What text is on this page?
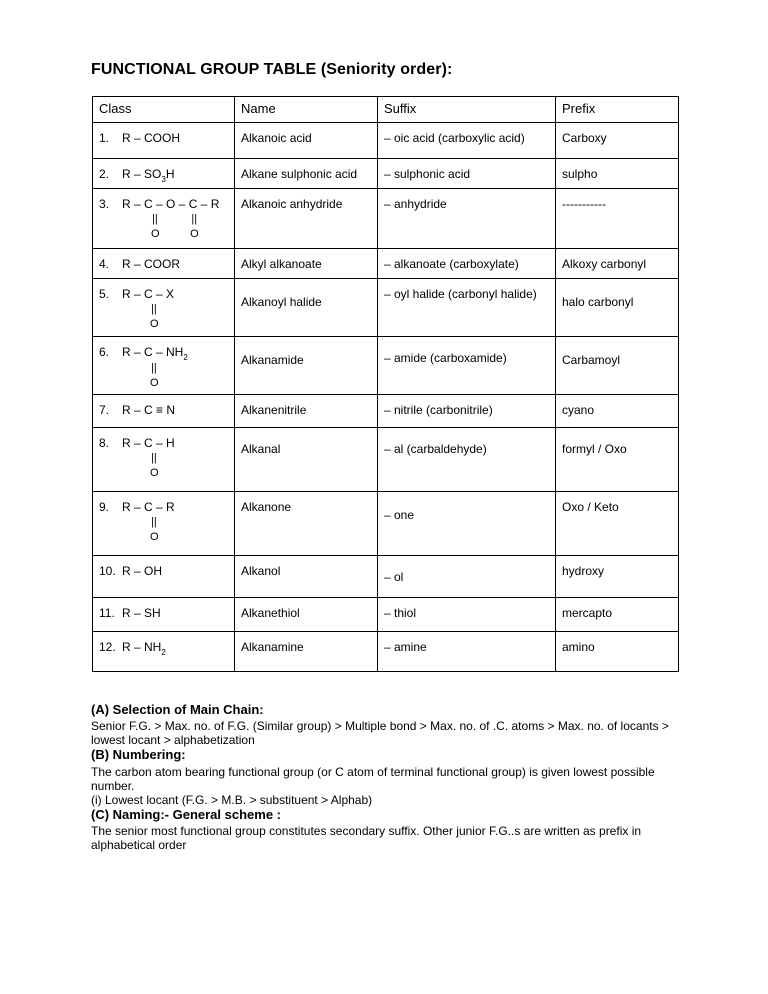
FUNCTIONAL GROUP TABLE (Seniority order):
Class	Name	Suffix	Prefix
1. R – COOH	Alkanoic acid	– oic acid (carboxylic acid)	Carboxy
2. R – $SO_3H$	Alkane sulphonic acid	– sulphonic acid	sulpho
3. R – C – O – C – R
||           ||
O          O	Alkanoic anhydride	– anhydride	-----------
4. R – COOR	Alkyl alkanoate	– alkanoate (carboxylate)	Alkoxy carbonyl
5. R – C – X
||
O	Alkanoyl halide	– oyl halide (carbonyl halide)	halo carbonyl
6. R – C – $NH_2$
||
O	Alkanamide	– amide (carboxamide)	Carbamoyl
7. R – C ≡ N	Alkanenitrile	– nitrile (carbonitrile)	cyano
8. R – C – H
||
O	Alkanal	– al (carbaldehyde)	formyl / Oxo
9. R – C – R
||
O	Alkanone	– one	Oxo / Keto
10. R – OH	Alkanol	– ol	hydroxy
11. R – SH	Alkanethiol	– thiol	mercapto
12. R – $NH_2$	Alkanamine	– amine	amino
(A) Selection of Main Chain:
Senior F.G. > Max. no. of F.G. (Similar group) > Multiple bond > Max. no. of .C. atoms > Max. no. of locants > lowest locant > alphabetization
(B) Numbering:
The carbon atom bearing functional group (or C atom of terminal functional group) is given lowest possible number.
(i) Lowest locant (F.G. > M.B. > substituent > Alphab)
(C) Naming:- General scheme :
The senior most functional group constitutes secondary suffix. Other junior F.G..s are written as prefix in alphabetical order
